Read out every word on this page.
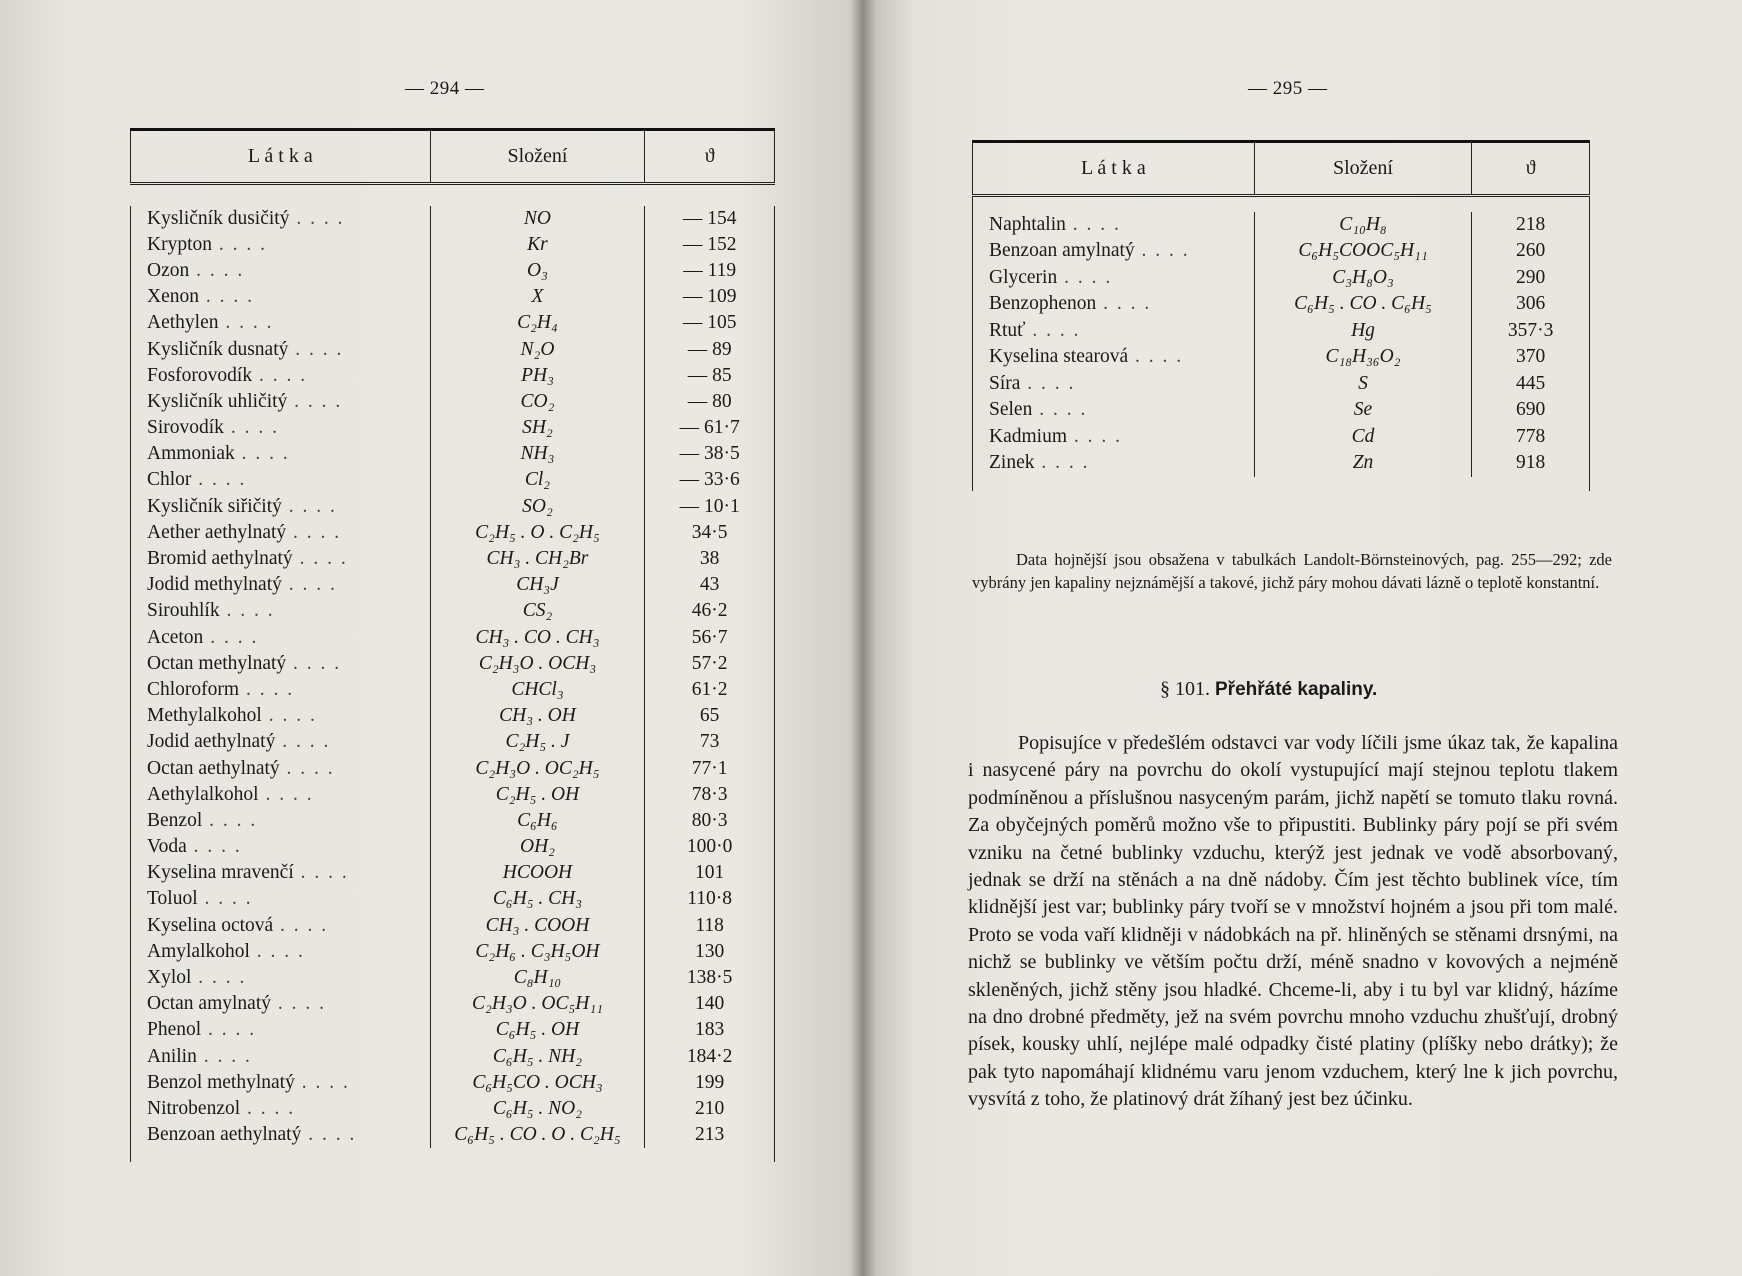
— 294 —	— 295 —
L á t k a	Složení	ϑ

Kysličník dusičitý . . . .	NO	— 154
Krypton . . . .	Kr	— 152
Ozon . . . .	O₃	— 119
Xenon . . . .	X	— 109
Aethylen . . . .	C₂H₄	— 105
Kysličník dusnatý . . . .	N₂O	— 89
Fosforovodík . . . .	PH₃	— 85
Kysličník uhličitý . . . .	CO₂	— 80
Sirovodík . . . .	SH₂	— 61·7
Ammoniak . . . .	NH₃	— 38·5
Chlor . . . .	Cl₂	— 33·6
Kysličník siřičitý . . . .	SO₂	— 10·1
Aether aethylnatý . . . .	C₂H₅ . O . C₂H₅	34·5
Bromid aethylnatý . . . .	CH₃ . CH₂Br	38
Jodid methylnatý . . . .	CH₃J	43
Sirouhlík . . . .	CS₂	46·2
Aceton . . . .	CH₃ . CO . CH₃	56·7
Octan methylnatý . . . .	C₂H₃O . OCH₃	57·2
Chloroform . . . .	CHCl₃	61·2
Methylalkohol . . . .	CH₃ . OH	65
Jodid aethylnatý . . . .	C₂H₅ . J	73
Octan aethylnatý . . . .	C₂H₃O . OC₂H₅	77·1
Aethylalkohol . . . .	C₂H₅ . OH	78·3
Benzol . . . .	C₆H₆	80·3
Voda . . . .	OH₂	100·0
Kyselina mravenčí . . . .	HCOOH	101
Toluol . . . .	C₆H₅ . CH₃	110·8
Kyselina octová . . . .	CH₃ . COOH	118
Amylalkohol . . . .	C₂H₆ . C₃H₅OH	130
Xylol . . . .	C₈H₁₀	138·5
Octan amylnatý . . . .	C₂H₃O . OC₅H₁₁	140
Phenol . . . .	C₆H₅ . OH	183
Anilin . . . .	C₆H₅ . NH₂	184·2
Benzol methylnatý . . . .	C₆H₅CO . OCH₃	199
Nitrobenzol . . . .	C₆H₅ . NO₂	210
Benzoan aethylnatý . . . .	C₆H₅ . CO . O . C₂H₅	213

L á t k a	Složení	ϑ

Naphtalin . . . .	C₁₀H₈	218
Benzoan amylnatý . . . .	C₆H₅COOC₅H₁₁	260
Glycerin . . . .	C₃H₈O₃	290
Benzophenon . . . .	C₆H₅ . CO . C₆H₅	306
Rtuť . . . .	Hg	357·3
Kyselina stearová . . . .	C₁₈H₃₆O₂	370
Síra . . . .	S	445
Selen . . . .	Se	690
Kadmium . . . .	Cd	778
Zinek . . . .	Zn	918

Data hojnější jsou obsažena v tabulkách Landolt-Börnsteinových, pag. 255—292; zde vybrány jen kapaliny nejznámější a takové, jichž páry mohou dávati lázně o teplotě konstantní.
§ 101. Přehřáté kapaliny.
Popisujíce v předešlém odstavci var vody líčili jsme úkaz tak, že kapalina i nasycené páry na povrchu do okolí vystupující mají stejnou teplotu tlakem podmíněnou a příslušnou nasyceným parám, jichž napětí se tomuto tlaku rovná. Za obyčejných poměrů možno vše to připustiti. Bublinky páry pojí se při svém vzniku na četné bublinky vzduchu, kterýž jest jednak ve vodě absorbovaný, jednak se drží na stěnách a na dně nádoby. Čím jest těchto bublinek více, tím klidnější jest var; bublinky páry tvoří se v množství hojném a jsou při tom malé. Proto se voda vaří klidněji v nádobkách na př. hliněných se stěnami drsnými, na nichž se bublinky ve větším počtu drží, méně snadno v kovových a nejméně skleněných, jichž stěny jsou hladké. Chceme-li, aby i tu byl var klidný, házíme na dno drobné předměty, jež na svém povrchu mnoho vzduchu zhušťují, drobný písek, kousky uhlí, nejlépe malé odpadky čisté platiny (plíšky nebo drátky); že pak tyto napomáhají klidnému varu jenom vzduchem, který lne k jich povrchu, vysvítá z toho, že platinový drát žíhaný jest bez účinku.
